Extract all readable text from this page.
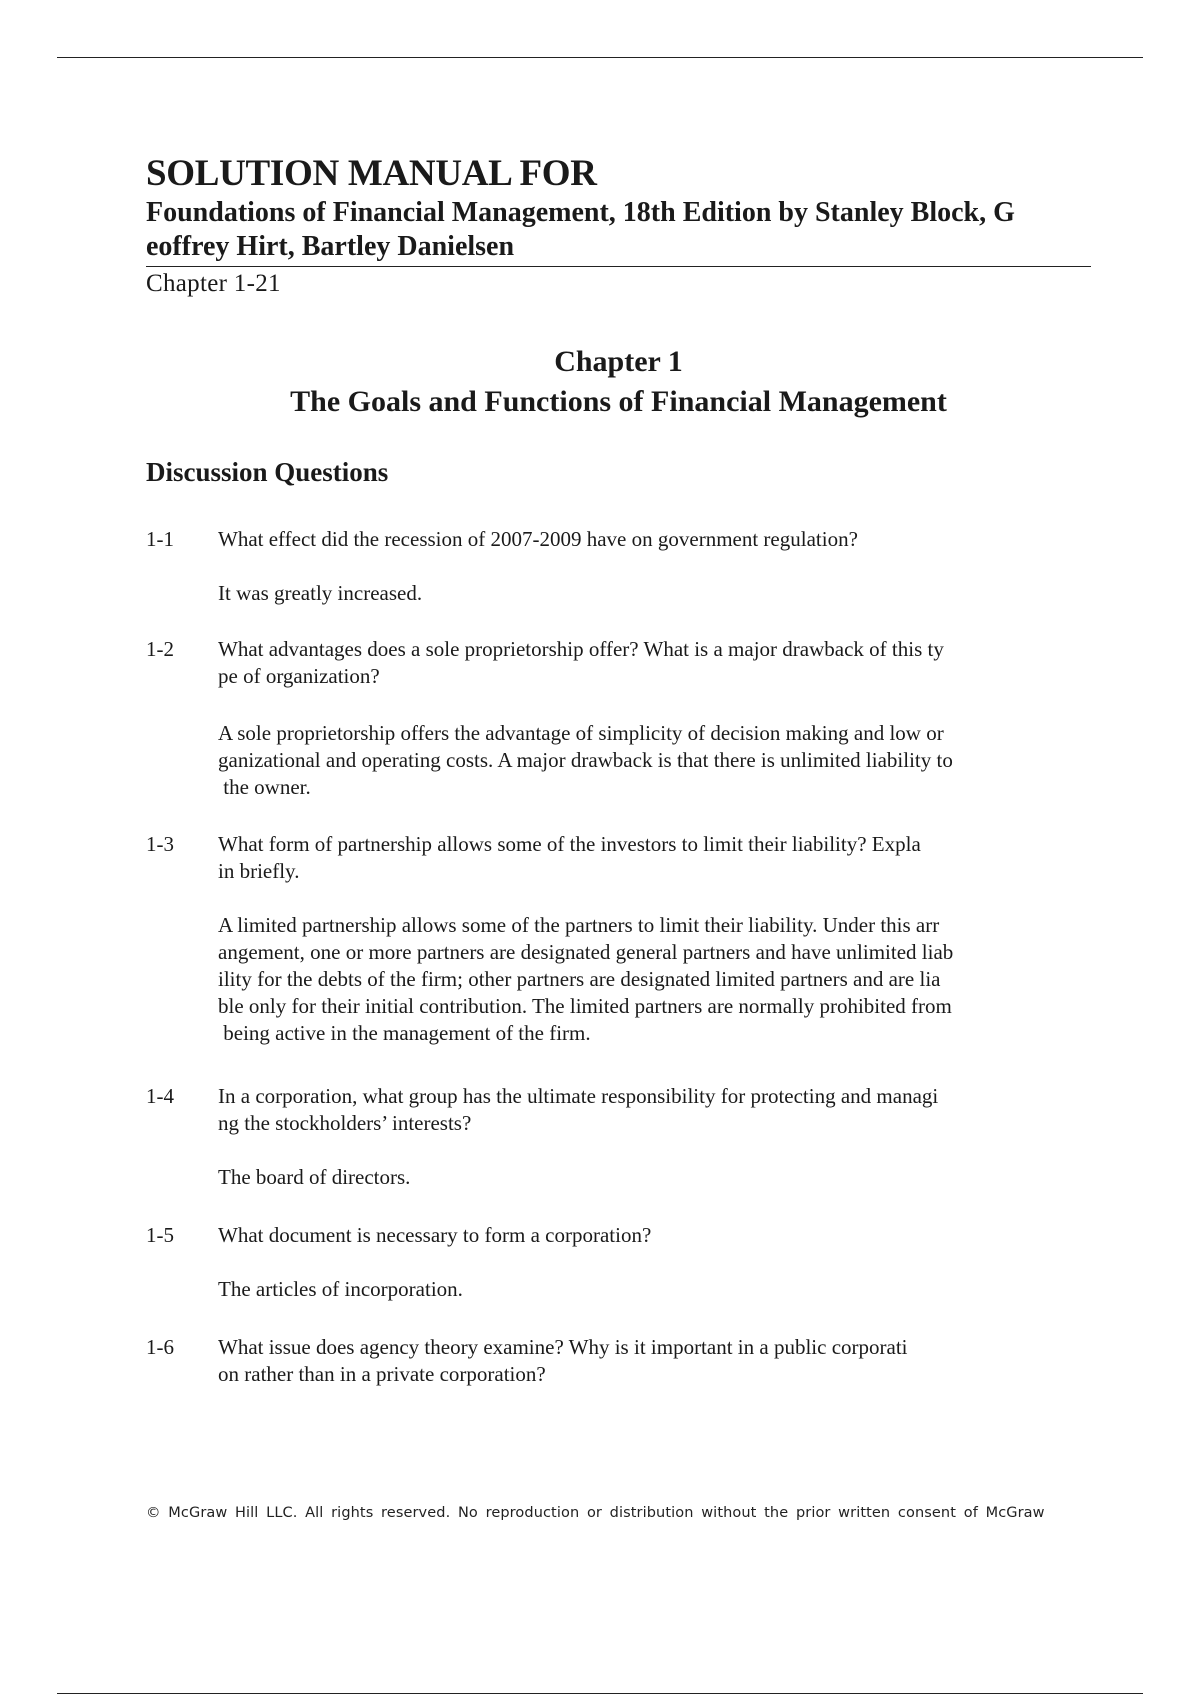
SOLUTION MANUAL FOR

Foundations of Financial Management, 18th Edition by Stanley Block, G
eoffrey Hirt, Bartley Danielsen

Chapter 1-21

Chapter 1

The Goals and Functions of Financial Management

Discussion Questions

1-1	What effect did the recession of 2007-2009 have on government regulation?

It was greatly increased.

1-2	What advantages does a sole proprietorship offer? What is a major drawback of this ty
pe of organization?

A sole proprietorship offers the advantage of simplicity of decision making and low or
ganizational and operating costs. A major drawback is that there is unlimited liability to
the owner.

1-3	What form of partnership allows some of the investors to limit their liability? Expla
in briefly.

A limited partnership allows some of the partners to limit their liability. Under this arr
angement, one or more partners are designated general partners and have unlimited liab
ility for the debts of the firm; other partners are designated limited partners and are lia
ble only for their initial contribution. The limited partners are normally prohibited from
being active in the management of the firm.

1-4	In a corporation, what group has the ultimate responsibility for protecting and managi
ng the stockholders’ interests?

The board of directors.

1-5	What document is necessary to form a corporation?

The articles of incorporation.

1-6	What issue does agency theory examine? Why is it important in a public corporati
on rather than in a private corporation?

© McGraw Hill LLC. All rights reserved. No reproduction or distribution without the prior written consent of McGraw
